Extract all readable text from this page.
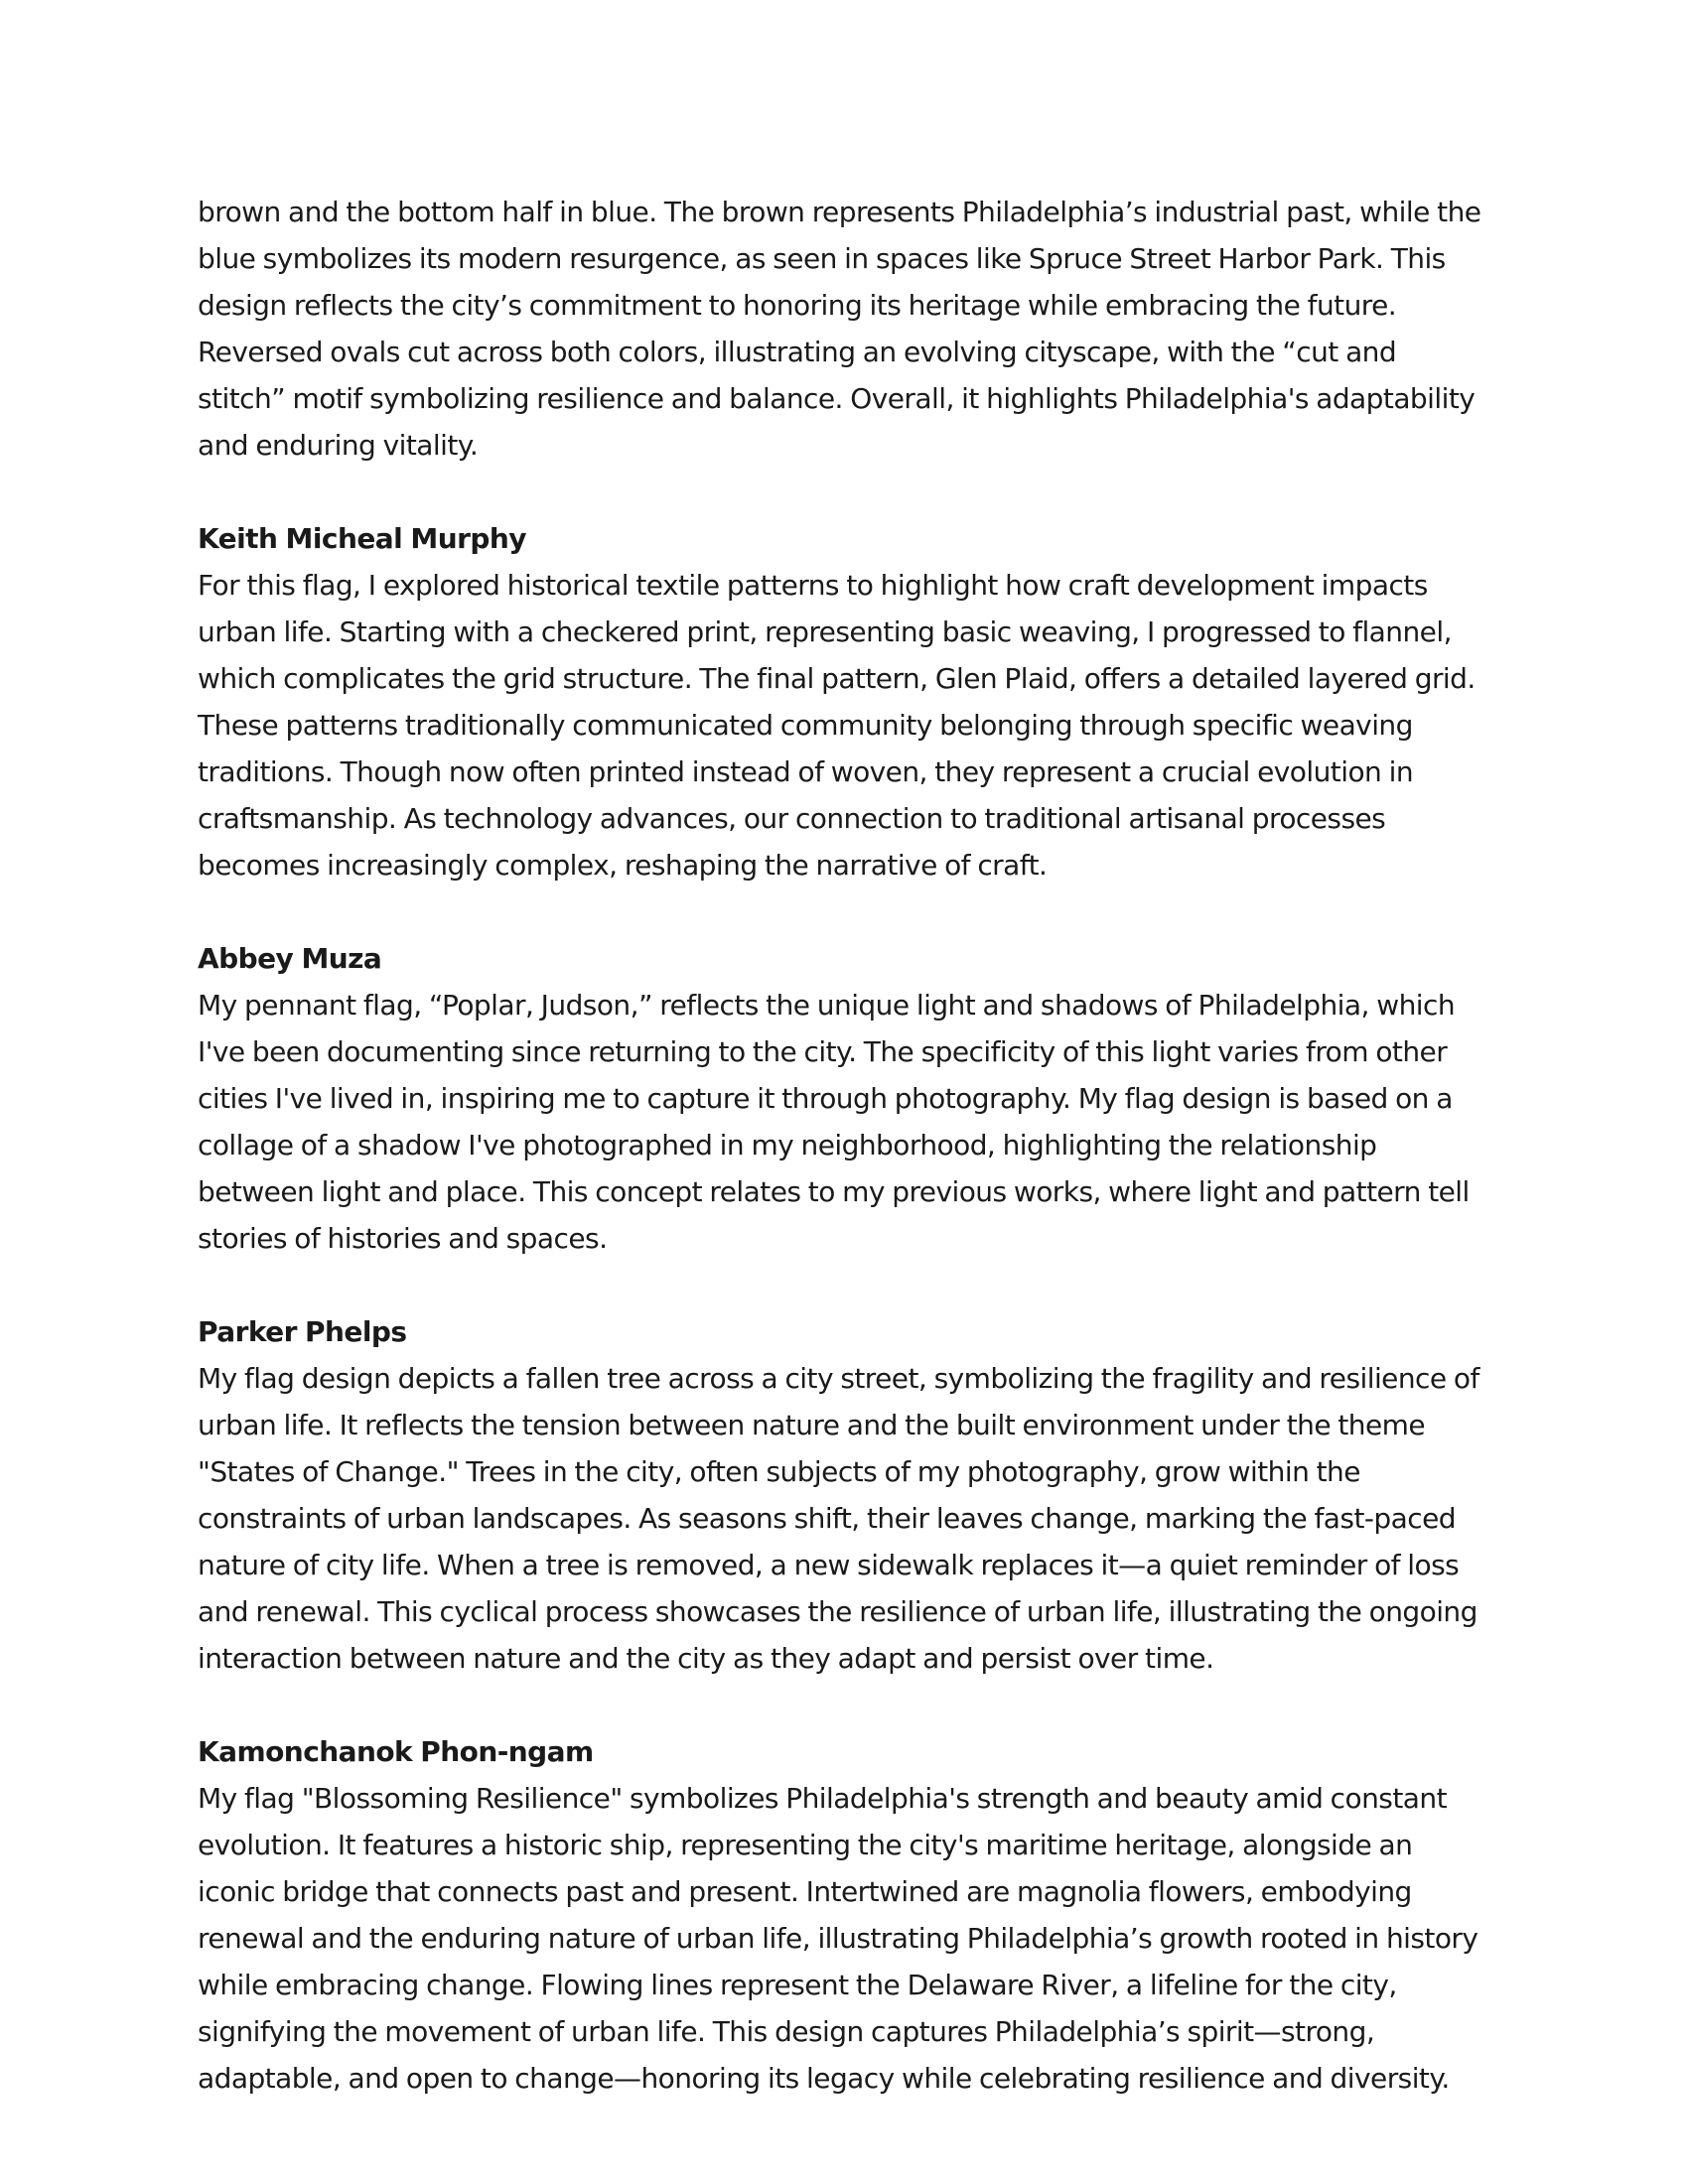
brown and the bottom half in blue. The brown represents Philadelphia’s industrial past, while the blue symbolizes its modern resurgence, as seen in spaces like Spruce Street Harbor Park. This design reflects the city’s commitment to honoring its heritage while embracing the future. Reversed ovals cut across both colors, illustrating an evolving cityscape, with the “cut and stitch” motif symbolizing resilience and balance. Overall, it highlights Philadelphia's adaptability and enduring vitality.

Keith Micheal Murphy

For this flag, I explored historical textile patterns to highlight how craft development impacts urban life. Starting with a checkered print, representing basic weaving, I progressed to flannel, which complicates the grid structure. The final pattern, Glen Plaid, offers a detailed layered grid. These patterns traditionally communicated community belonging through specific weaving traditions. Though now often printed instead of woven, they represent a crucial evolution in craftsmanship. As technology advances, our connection to traditional artisanal processes becomes increasingly complex, reshaping the narrative of craft.

Abbey Muza

My pennant flag, “Poplar, Judson,” reflects the unique light and shadows of Philadelphia, which I've been documenting since returning to the city. The specificity of this light varies from other cities I've lived in, inspiring me to capture it through photography. My flag design is based on a collage of a shadow I've photographed in my neighborhood, highlighting the relationship between light and place. This concept relates to my previous works, where light and pattern tell stories of histories and spaces.

Parker Phelps

My flag design depicts a fallen tree across a city street, symbolizing the fragility and resilience of urban life. It reflects the tension between nature and the built environment under the theme "States of Change." Trees in the city, often subjects of my photography, grow within the constraints of urban landscapes. As seasons shift, their leaves change, marking the fast-paced nature of city life. When a tree is removed, a new sidewalk replaces it—a quiet reminder of loss and renewal. This cyclical process showcases the resilience of urban life, illustrating the ongoing interaction between nature and the city as they adapt and persist over time.

Kamonchanok Phon-ngam

My flag "Blossoming Resilience" symbolizes Philadelphia's strength and beauty amid constant evolution. It features a historic ship, representing the city's maritime heritage, alongside an iconic bridge that connects past and present. Intertwined are magnolia flowers, embodying renewal and the enduring nature of urban life, illustrating Philadelphia’s growth rooted in history while embracing change. Flowing lines represent the Delaware River, a lifeline for the city, signifying the movement of urban life. This design captures Philadelphia’s spirit—strong, adaptable, and open to change—honoring its legacy while celebrating resilience and diversity.
